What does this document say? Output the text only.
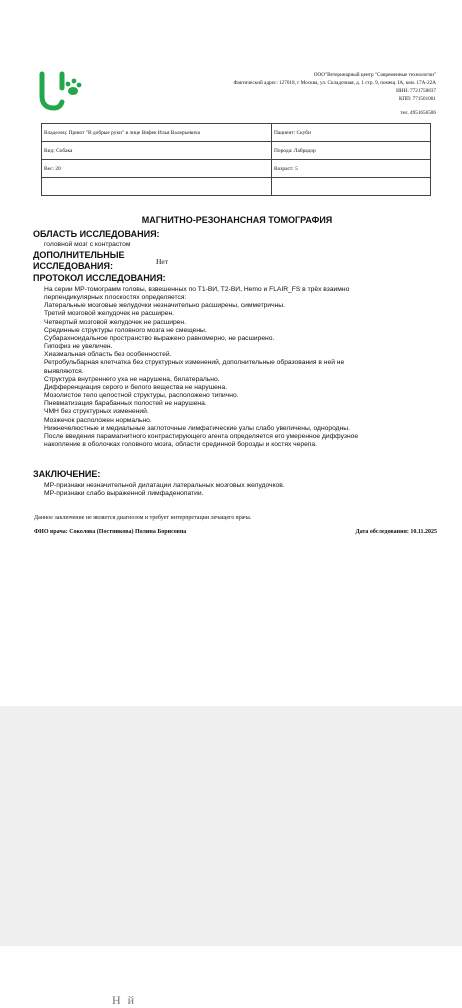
ООО"Ветеринарный центр "Современные технологии"
Фактический адрес: 127018, г Москва, ул. Складочная, д. 1 стр. 9, помещ. IA, ком. 17А-22А
ИНН: 7721758837
КПП: 771501001
тел. 4951656506
Владелец: Приют "В добрые руки" в лице Вифек Илья Валерьевича	Пациент: Скуби
Вид: Собака	Порода: Лабрадор
Вес: 20	Возраст: 5

МАГНИТНО-РЕЗОНАНСНАЯ ТОМОГРАФИЯ
ОБЛАСТЬ ИССЛЕДОВАНИЯ:
головной мозг с контрастом
ДОПОЛНИТЕЛЬНЫЕ
ИССЛЕДОВАНИЯ:	Нет
ПРОТОКОЛ ИССЛЕДОВАНИЯ:
На серии МР-томограмм головы, взвешенных по Т1-ВИ, Т2-ВИ, Hemo и FLAIR_FS в трёх взаимно
перпендикулярных плоскостях определяется:
Латеральные мозговые желудочки незначительно расширены, симметричны.
Третий мозговой желудочек не расширен.
Четвертый мозговой желудочек не расширен.
Срединные структуры головного мозга не смещены.
Субарахноидальное пространство выражено равномерно, не расширено.
Гипофиз не увеличен.
Хиазмальная область без особенностей.
Ретробульбарная клетчатка без структурных изменений, дополнительные образования в ней не
выявляются.
Структура внутреннего уха не нарушена, билатерально.
Дифференциация серого и белого вещества не нарушена.
Мозолистое тело целостной структуры, расположено типично.
Пневматизация барабанных полостей не нарушена.
ЧМН без структурных изменений.
Мозжечок расположен нормально.
Нижнечелюстные и медиальные заглоточные лимфатические узлы слабо увеличены, однородны.
После введения парамагнитного контрастирующего агента определяется его умеренное диффузное
накопление в оболочках головного мозга, области срединной борозды и костях черепа.
ЗАКЛЮЧЕНИЕ:
МР-признаки незначительной дилатации латеральных мозговых желудочков.
МР-признаки слабо выраженной лимфаденопатии.
Данное заключение не является диагнозом и требует интерпретации лечащего врача.
ФИО врача: Соколова (Постникова) Полина Борисовна	Дата обследования: 10.11.2025
Н й
